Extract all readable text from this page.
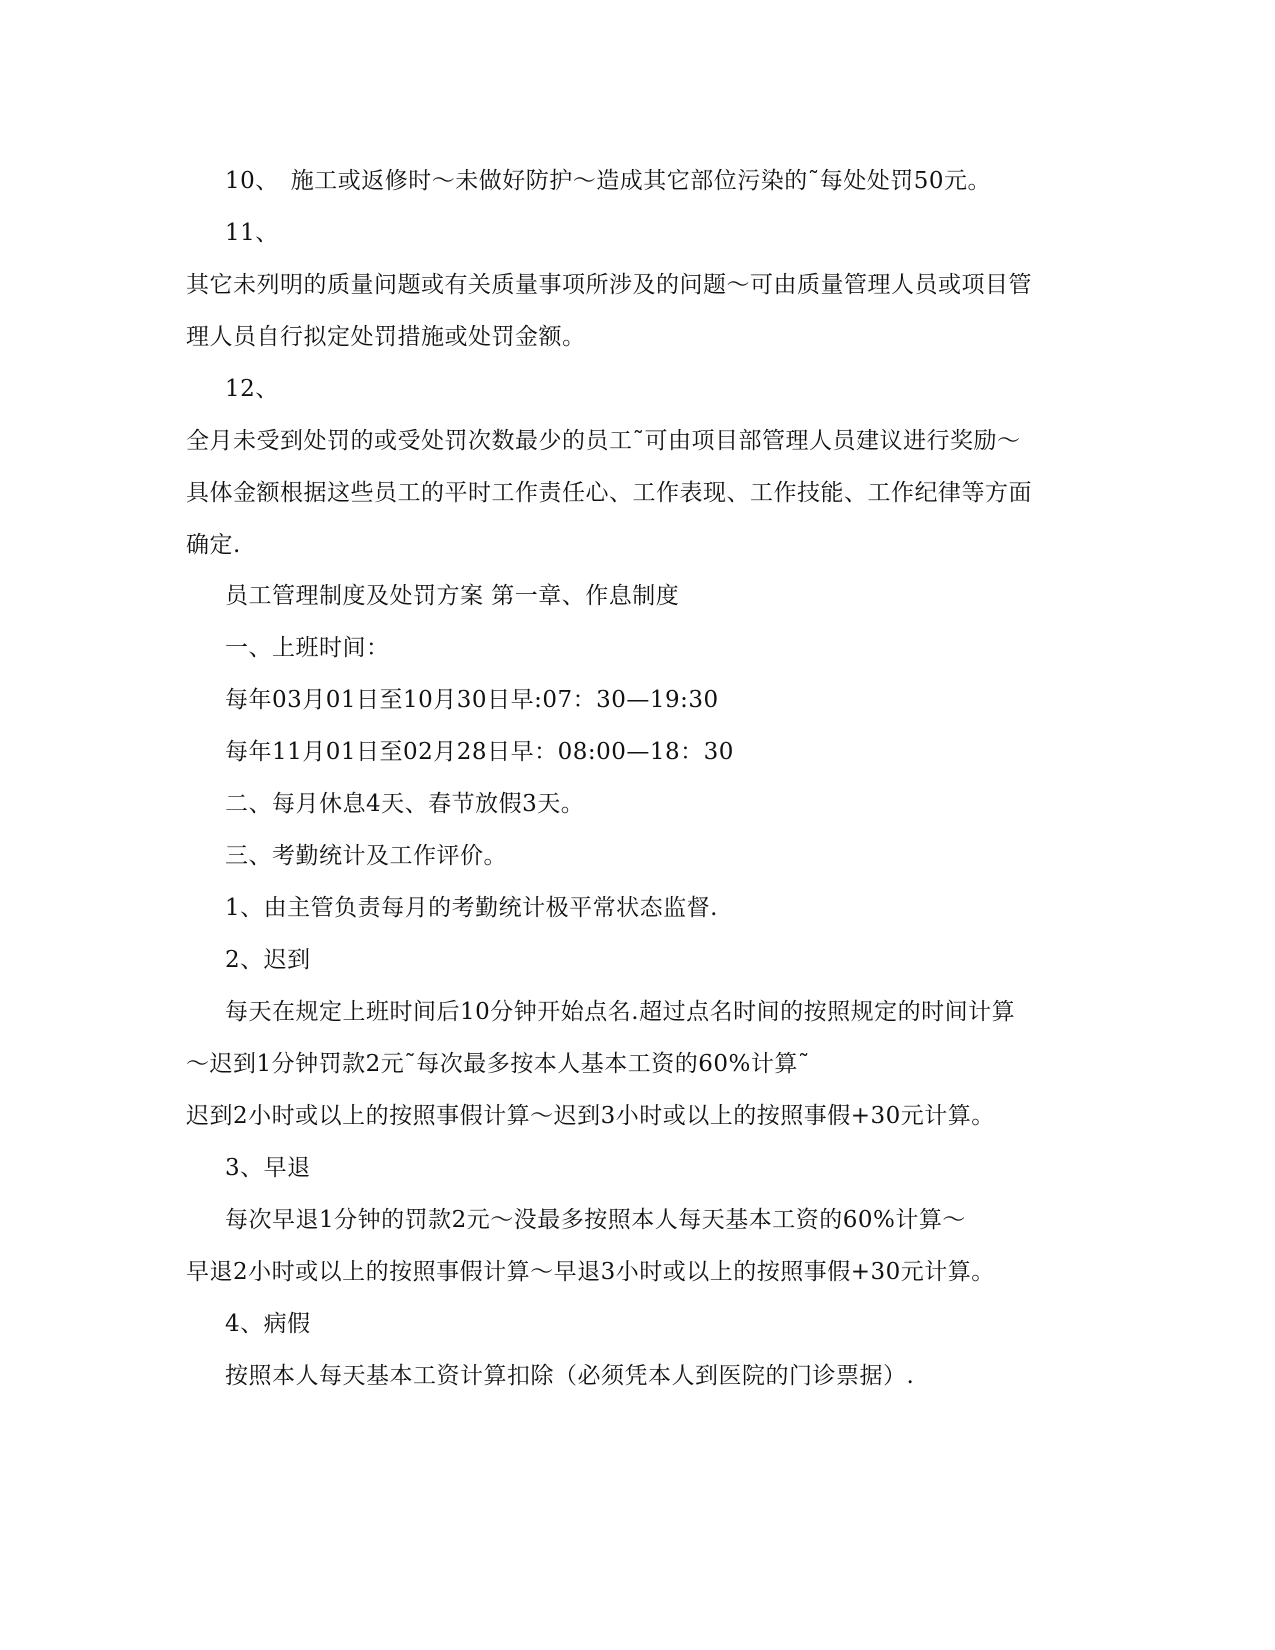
10、　施工或返修时～未做好防护～造成其它部位污染的˜每处处罚50元。
11、
其它未列明的质量问题或有关质量事项所涉及的问题～可由质量管理人员或项目管
理人员自行拟定处罚措施或处罚金额。
12、
全月未受到处罚的或受处罚次数最少的员工˜可由项目部管理人员建议进行奖励～
具体金额根据这些员工的平时工作责任心、工作表现、工作技能、工作纪律等方面
确定.
员工管理制度及处罚方案 第一章、作息制度
一、上班时间：
每年03月01日至10月30日早:07：30—19:30
每年11月01日至02月28日早：08:00—18：30
二、每月休息4天、春节放假3天。
三、考勤统计及工作评价。
1、由主管负责每月的考勤统计极平常状态监督.
2、迟到
每天在规定上班时间后10分钟开始点名.超过点名时间的按照规定的时间计算
～迟到1分钟罚款2元˜每次最多按本人基本工资的60%计算˜
迟到2小时或以上的按照事假计算～迟到3小时或以上的按照事假+30元计算。
3、早退
每次早退1分钟的罚款2元～没最多按照本人每天基本工资的60%计算～
早退2小时或以上的按照事假计算～早退3小时或以上的按照事假+30元计算。
4、病假
按照本人每天基本工资计算扣除（必须凭本人到医院的门诊票据）.
